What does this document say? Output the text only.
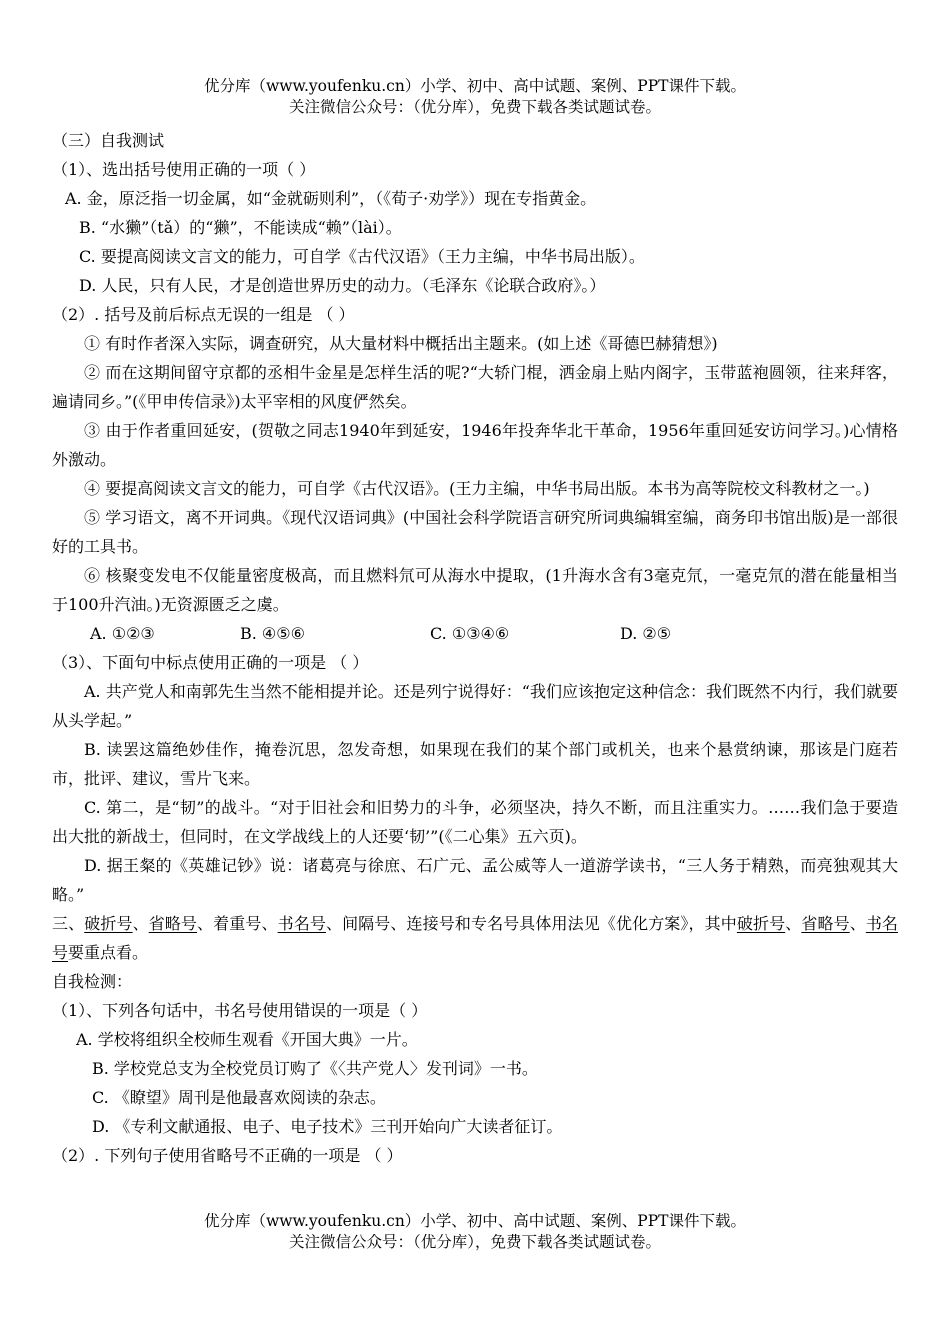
优分库（www.youfenku.cn）小学、初中、高中试题、案例、PPT课件下载。
关注微信公众号：（优分库），免费下载各类试题试卷。
（三）自我测试
（1）、选出括号使用正确的一项（ ）
A. 金，原泛指一切金属，如“金就砺则利”，（《荀子·劝学》）现在专指黄金。
B. “水獭”（tǎ）的“獭”，不能读成“赖”（lài）。
C. 要提高阅读文言文的能力，可自学《古代汉语》（王力主编，中华书局出版）。
D. 人民，只有人民，才是创造世界历史的动力。（毛泽东《论联合政府》。）
（2）. 括号及前后标点无误的一组是 （ ）
① 有时作者深入实际，调查研究，从大量材料中概括出主题来。(如上述《哥德巴赫猜想》)
② 而在这期间留守京都的丞相牛金星是怎样生活的呢?“大轿门棍，洒金扇上贴内阁字，玉带蓝袍圆领，往来拜客，遍请同乡。”(《甲申传信录》)太平宰相的风度俨然矣。
③ 由于作者重回延安，(贺敬之同志1940年到延安，1946年投奔华北干革命，1956年重回延安访问学习。)心情格外激动。
④ 要提高阅读文言文的能力，可自学《古代汉语》。(王力主编，中华书局出版。本书为高等院校文科教材之一。)
⑤ 学习语文，离不开词典。《现代汉语词典》(中国社会科学院语言研究所词典编辑室编，商务印书馆出版)是一部很好的工具书。
⑥ 核聚变发电不仅能量密度极高，而且燃料氘可从海水中提取，(1升海水含有3毫克氘，一毫克氘的潜在能量相当于100升汽油。)无资源匮乏之虞。
A. ①②③	B. ④⑤⑥	C. ①③④⑥	D. ②⑤
（3）、下面句中标点使用正确的一项是 （ ）
A. 共产党人和南郭先生当然不能相提并论。还是列宁说得好：“我们应该抱定这种信念：我们既然不内行，我们就要从头学起。”
B. 读罢这篇绝妙佳作，掩卷沉思，忽发奇想，如果现在我们的某个部门或机关，也来个悬赏纳谏，那该是门庭若市，批评、建议，雪片飞来。
C. 第二，是“韧”的战斗。“对于旧社会和旧势力的斗争，必须坚决，持久不断，而且注重实力。……我们急于要造出大批的新战士，但同时，在文学战线上的人还要‘韧’”(《二心集》五六页)。
D. 据王粲的《英雄记钞》说：诸葛亮与徐庶、石广元、孟公威等人一道游学读书，“三人务于精熟，而亮独观其大略。”
三、破折号、省略号、着重号、书名号、间隔号、连接号和专名号具体用法见《优化方案》，其中破折号、省略号、书名号要重点看。
自我检测：
（1）、下列各句话中，书名号使用错误的一项是（ ）
A. 学校将组织全校师生观看《开国大典》一片。
B. 学校党总支为全校党员订购了《〈共产党人〉发刊词》一书。
C. 《瞭望》周刊是他最喜欢阅读的杂志。
D. 《专利文献通报、电子、电子技术》三刊开始向广大读者征订。
（2）. 下列句子使用省略号不正确的一项是 （ ）
优分库（www.youfenku.cn）小学、初中、高中试题、案例、PPT课件下载。
关注微信公众号：（优分库），免费下载各类试题试卷。
